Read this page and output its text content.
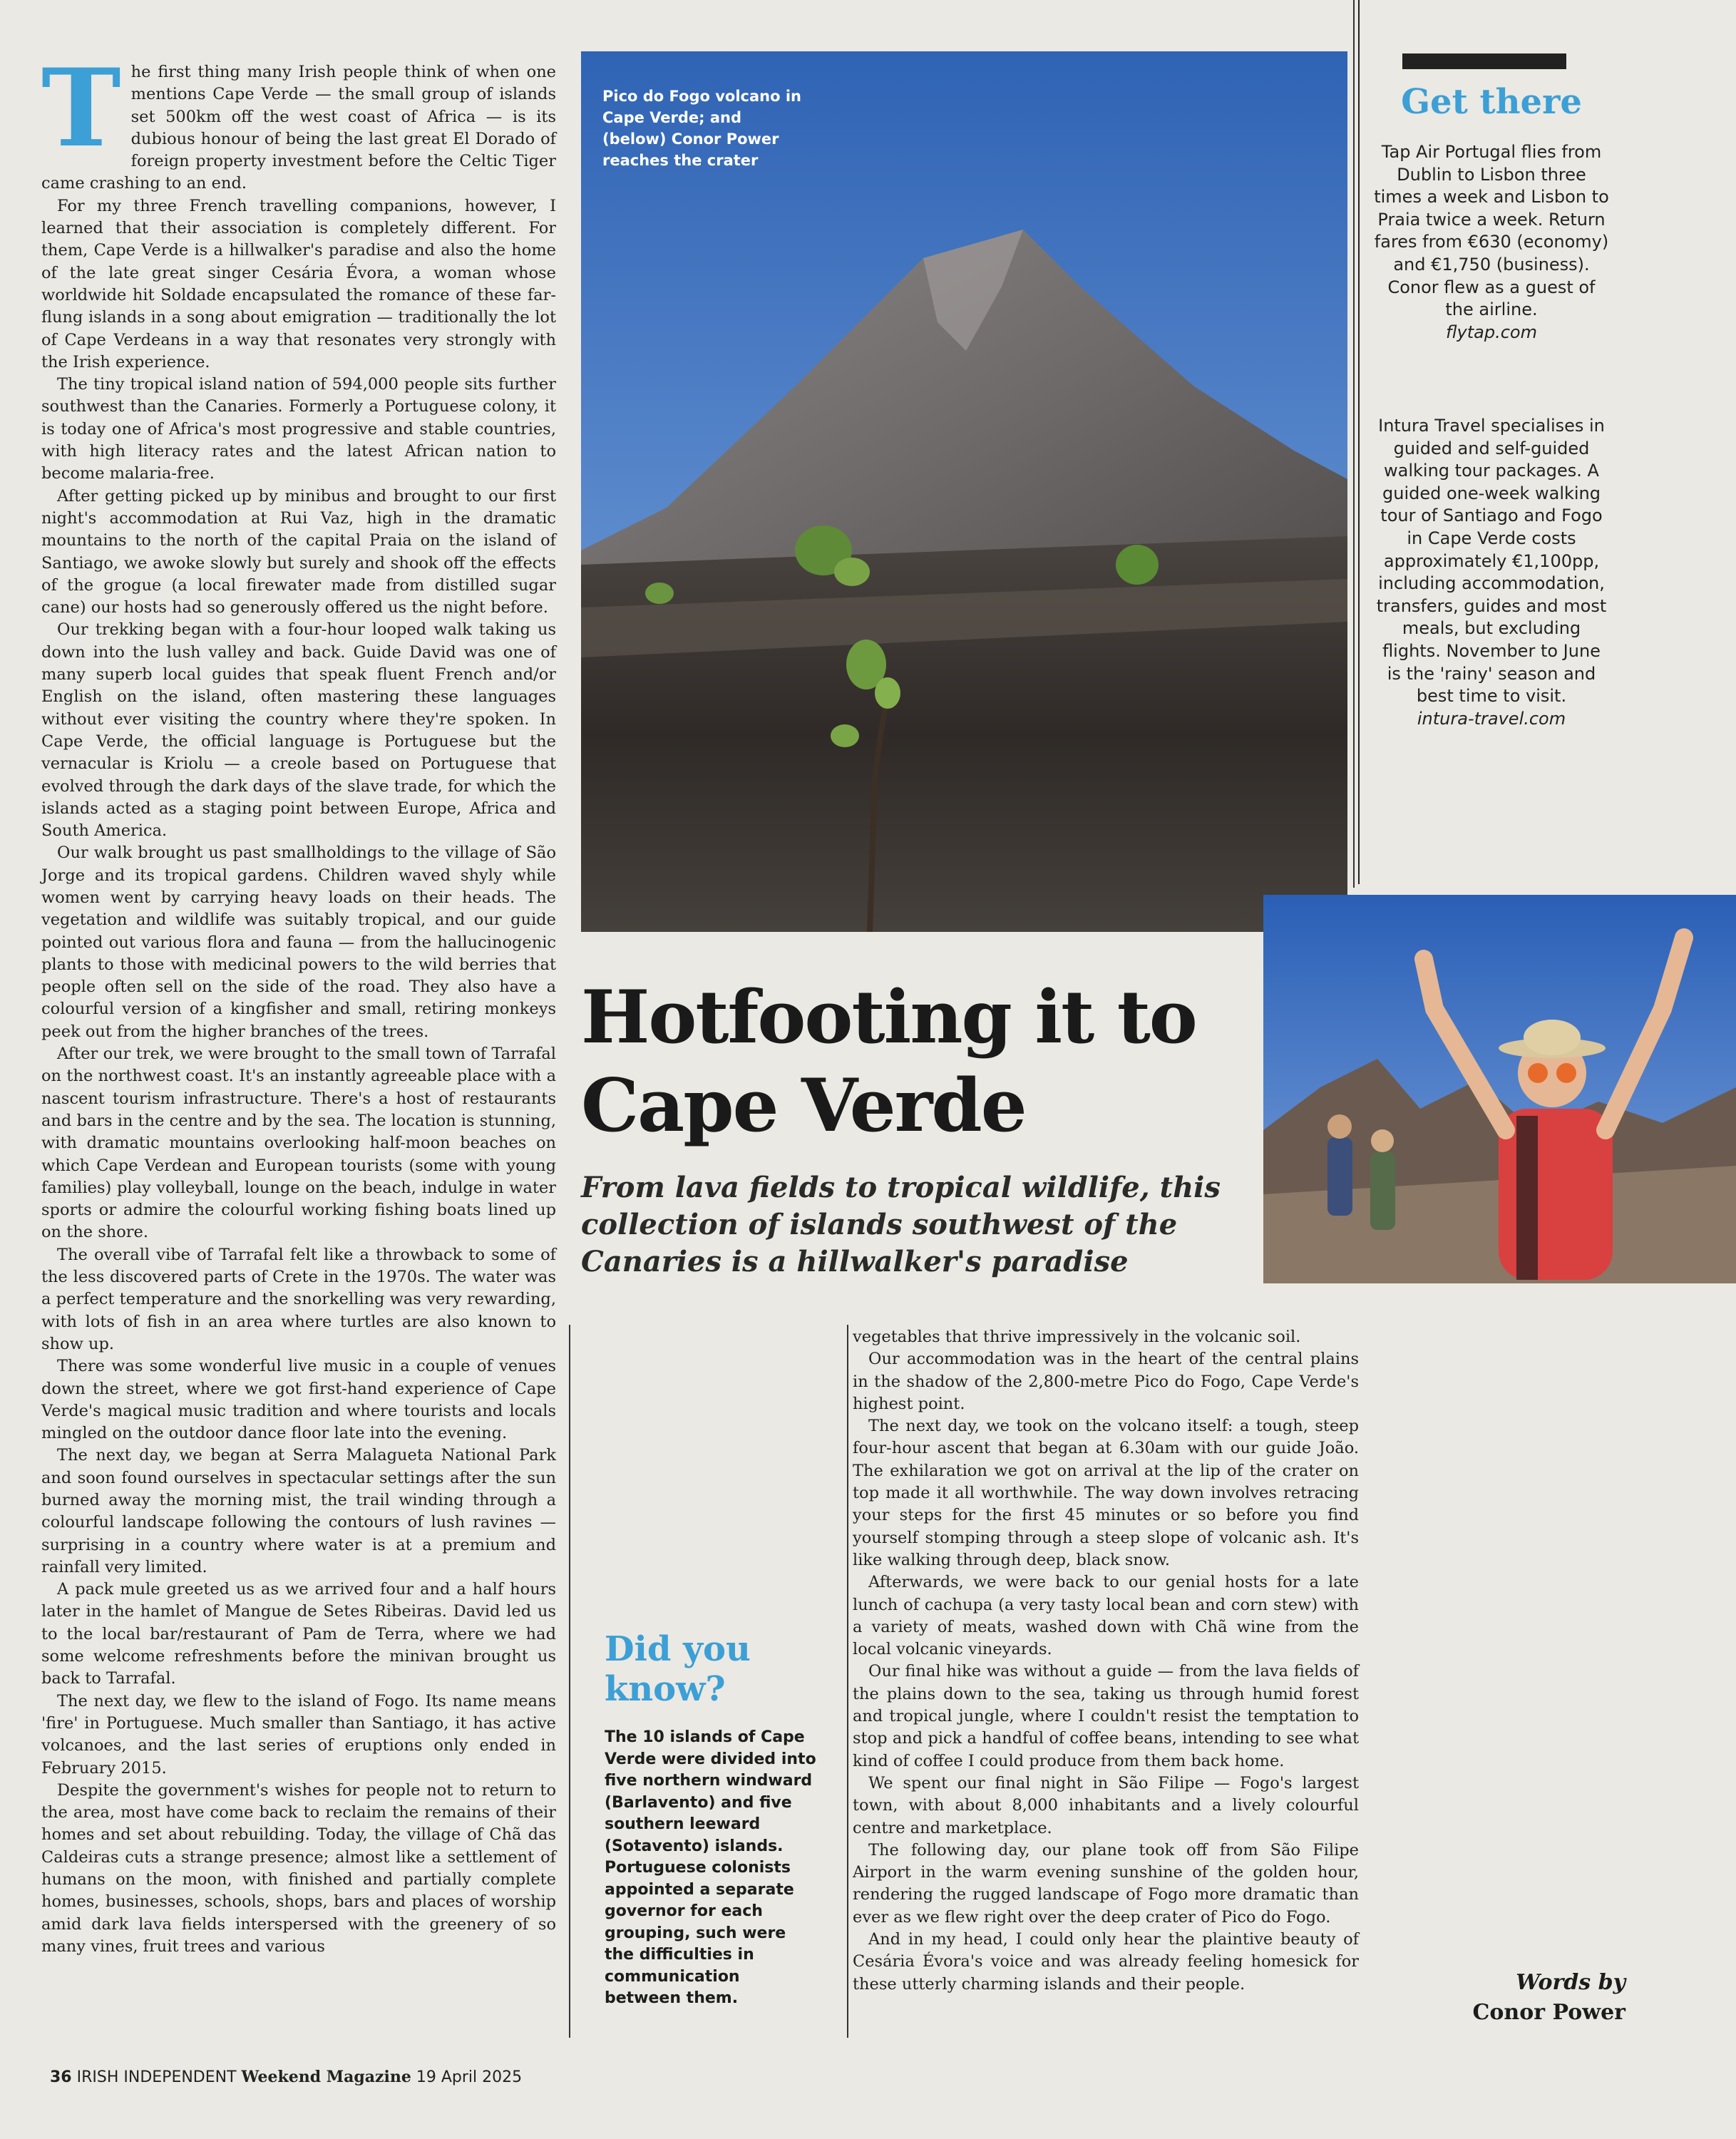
T he first thing many Irish people think of when one mentions Cape Verde — the small group of islands set 500km off the west coast of Africa — is its dubious honour of being the last great El Dorado of foreign property investment before the Celtic Tiger came crashing to an end.

For my three French travelling companions, however, I learned that their association is completely different. For them, Cape Verde is a hillwalker's paradise and also the home of the late great singer Cesária Évora, a woman whose worldwide hit Soldade encapsulated the romance of these far-flung islands in a song about emigration — traditionally the lot of Cape Verdeans in a way that resonates very strongly with the Irish experience.

The tiny tropical island nation of 594,000 people sits further southwest than the Canaries. Formerly a Portuguese colony, it is today one of Africa's most progressive and stable countries, with high literacy rates and the latest African nation to become malaria-free.

After getting picked up by minibus and brought to our first night's accommodation at Rui Vaz, high in the dramatic mountains to the north of the capital Praia on the island of Santiago, we awoke slowly but surely and shook off the effects of the grogue (a local firewater made from distilled sugar cane) our hosts had so generously offered us the night before.

Our trekking began with a four-hour looped walk taking us down into the lush valley and back. Guide David was one of many superb local guides that speak fluent French and/or English on the island, often mastering these languages without ever visiting the country where they're spoken. In Cape Verde, the official language is Portuguese but the vernacular is Kriolu — a creole based on Portuguese that evolved through the dark days of the slave trade, for which the islands acted as a staging point between Europe, Africa and South America.

Our walk brought us past smallholdings to the village of São Jorge and its tropical gardens. Children waved shyly while women went by carrying heavy loads on their heads. The vegetation and wildlife was suitably tropical, and our guide pointed out various flora and fauna — from the hallucinogenic plants to those with medicinal powers to the wild berries that people often sell on the side of the road. They also have a colourful version of a kingfisher and small, retiring monkeys peek out from the higher branches of the trees.

After our trek, we were brought to the small town of Tarrafal on the northwest coast. It's an instantly agreeable place with a nascent tourism infrastructure. There's a host of restaurants and bars in the centre and by the sea. The location is stunning, with dramatic mountains overlooking half-moon beaches on which Cape Verdean and European tourists (some with young families) play volleyball, lounge on the beach, indulge in water sports or admire the colourful working fishing boats lined up on the shore.

The overall vibe of Tarrafal felt like a throwback to some of the less discovered parts of Crete in the 1970s. The water was a perfect temperature and the snorkelling was very rewarding, with lots of fish in an area where turtles are also known to show up.

There was some wonderful live music in a couple of venues down the street, where we got first-hand experience of Cape Verde's magical music tradition and where tourists and locals mingled on the outdoor dance floor late into the evening.

The next day, we began at Serra Malagueta National Park and soon found ourselves in spectacular settings after the sun burned away the morning mist, the trail winding through a colourful landscape following the contours of lush ravines — surprising in a country where water is at a premium and rainfall very limited.

A pack mule greeted us as we arrived four and a half hours later in the hamlet of Mangue de Setes Ribeiras. David led us to the local bar/restaurant of Pam de Terra, where we had some welcome refreshments before the minivan brought us back to Tarrafal.

The next day, we flew to the island of Fogo. Its name means 'fire' in Portuguese. Much smaller than Santiago, it has active volcanoes, and the last series of eruptions only ended in February 2015.

Despite the government's wishes for people not to return to the area, most have come back to reclaim the remains of their homes and set about rebuilding. Today, the village of Chã das Caldeiras cuts a strange presence; almost like a settlement of humans on the moon, with finished and partially complete homes, businesses, schools, shops, bars and places of worship amid dark lava fields interspersed with the greenery of so many vines, fruit trees and various

Pico do Fogo volcano in Cape Verde; and (below) Conor Power reaches the crater
Get there
Tap Air Portugal flies from Dublin to Lisbon three times a week and Lisbon to Praia twice a week. Return fares from €630 (economy) and €1,750 (business). Conor flew as a guest of the airline.
flytap.com
Intura Travel specialises in guided and self-guided walking tour packages. A guided one-week walking tour of Santiago and Fogo in Cape Verde costs approximately €1,100pp, including accommodation, transfers, guides and most meals, but excluding flights. November to June is the 'rainy' season and best time to visit.
intura-travel.com
Hotfooting it to Cape Verde

From lava fields to tropical wildlife, this collection of islands southwest of the Canaries is a hillwalker's paradise

Did you know?
The 10 islands of Cape Verde were divided into five northern windward (Barlavento) and five southern leeward (Sotavento) islands. Portuguese colonists appointed a separate governor for each grouping, such were the difficulties in communication between them.

vegetables that thrive impressively in the volcanic soil.

Our accommodation was in the heart of the central plains in the shadow of the 2,800-metre Pico do Fogo, Cape Verde's highest point.

The next day, we took on the volcano itself: a tough, steep four-hour ascent that began at 6.30am with our guide João. The exhilaration we got on arrival at the lip of the crater on top made it all worthwhile. The way down involves retracing your steps for the first 45 minutes or so before you find yourself stomping through a steep slope of volcanic ash. It's like walking through deep, black snow.

Afterwards, we were back to our genial hosts for a late lunch of cachupa (a very tasty local bean and corn stew) with a variety of meats, washed down with Chã wine from the local volcanic vineyards.

Our final hike was without a guide — from the lava fields of the plains down to the sea, taking us through humid forest and tropical jungle, where I couldn't resist the temptation to stop and pick a handful of coffee beans, intending to see what kind of coffee I could produce from them back home.

We spent our final night in São Filipe — Fogo's largest town, with about 8,000 inhabitants and a lively colourful centre and marketplace.

The following day, our plane took off from São Filipe Airport in the warm evening sunshine of the golden hour, rendering the rugged landscape of Fogo more dramatic than ever as we flew right over the deep crater of Pico do Fogo.

And in my head, I could only hear the plaintive beauty of Cesária Évora's voice and was already feeling homesick for these utterly charming islands and their people.	Words by
Conor Power
36 IRISH INDEPENDENT Weekend Magazine 19 April 2025
